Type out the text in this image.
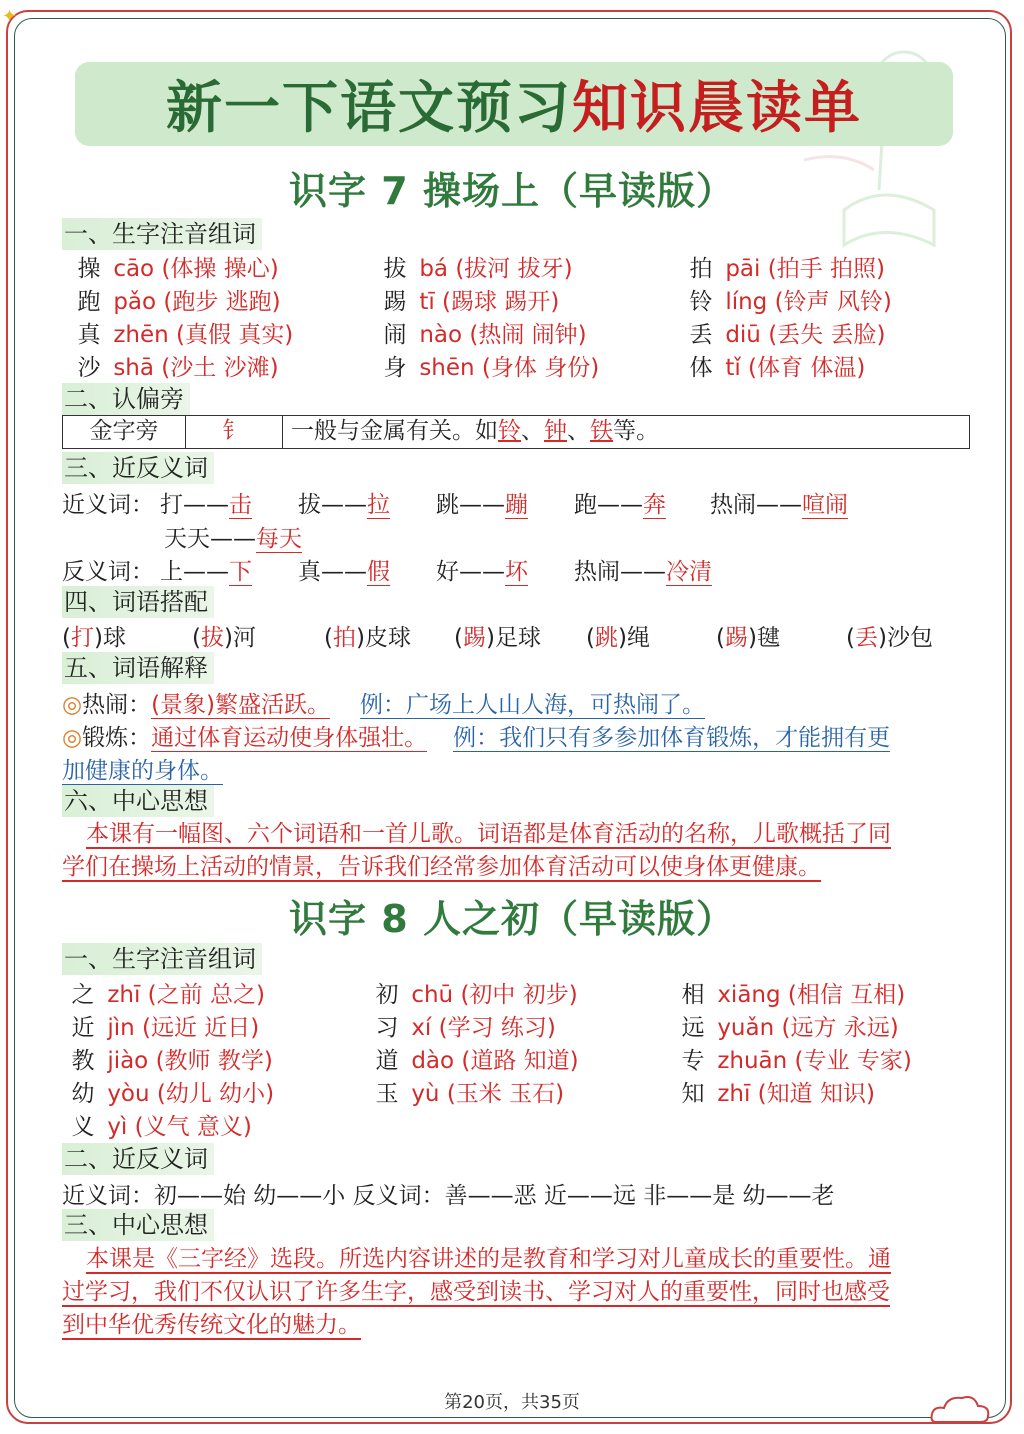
✦
新一下语文预习 知识晨读单
识字 7 操场上（早读版）
一、生字注音组词
操 cāo (体操 操心)	拔 bá (拔河 拔牙)	拍 pāi (拍手 拍照)
跑 pǎo (跑步 逃跑)	踢 tī (踢球 踢开)	铃 líng (铃声 风铃)
真 zhēn (真假 真实)	闹 nào (热闹 闹钟)	丢 diū (丢失 丢脸)
沙 shā (沙土 沙滩)	身 shēn (身体 身份)	体 tǐ (体育 体温)
二、认偏旁
金字旁	钅	一般与金属有关。如铃、钟、铁等。
三、近反义词
近义词： 打——击 拔——拉 跳——蹦 跑——奔 热闹——喧闹
天天——每天
反义词： 上——下 真——假 好——坏 热闹——冷清
四、词语搭配
(打)球	(拔)河	(拍)皮球 (踢)足球 (跳)绳	(踢)毽	(丢)沙包
五、词语解释
◎热闹：(景象)繁盛活跃。 例：广场上人山人海，可热闹了。
◎锻炼：通过体育运动使身体强壮。 例：我们只有多参加体育锻炼，才能拥有更
加健康的身体。
六、中心思想
本课有一幅图、六个词语和一首儿歌。词语都是体育活动的名称，儿歌概括了同
学们在操场上活动的情景，告诉我们经常参加体育活动可以使身体更健康。
识字 8 人之初（早读版）
一、生字注音组词
之 zhī (之前 总之)	初 chū (初中 初步)	相 xiāng (相信 互相)
近 jìn (远近 近日)	习 xí (学习 练习)	远 yuǎn (远方 永远)
教 jiào (教师 教学)	道 dào (道路 知道)	专 zhuān (专业 专家)
幼 yòu (幼儿 幼小)	玉 yù (玉米 玉石)	知 zhī (知道 知识)
义 yì (义气 意义)
二、近反义词
近义词：初——始 幼——小 反义词：善——恶 近——远 非——是 幼——老
三、中心思想
本课是《三字经》选段。所选内容讲述的是教育和学习对儿童成长的重要性。通
过学习，我们不仅认识了许多生字，感受到读书、学习对人的重要性，同时也感受
到中华优秀传统文化的魅力。
第20页，共35页
